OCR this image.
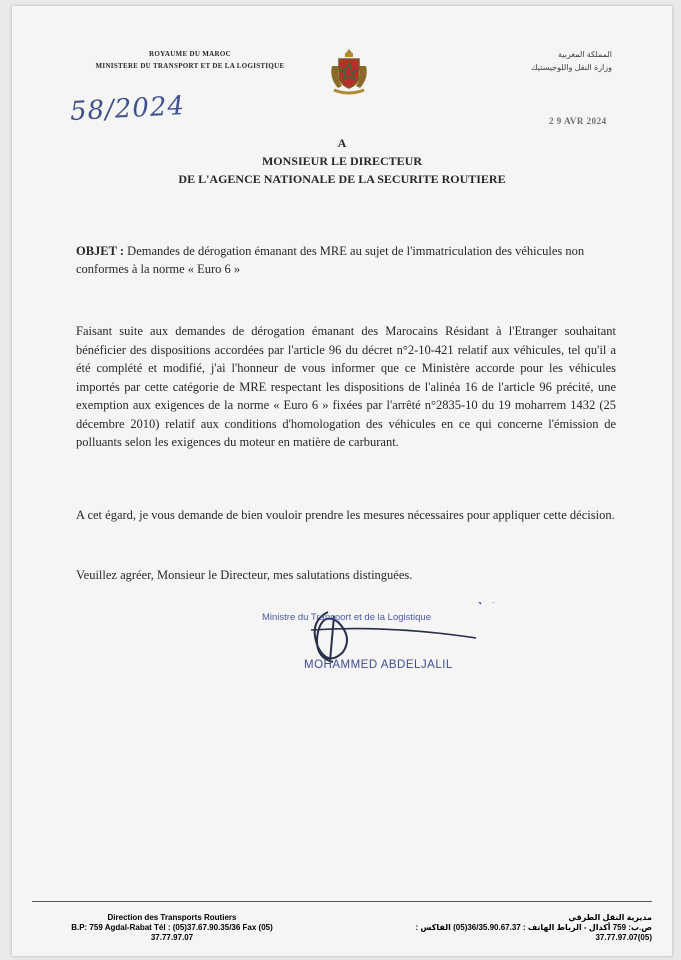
ROYAUME DU MAROC
MINISTERE DU TRANSPORT ET DE LA LOGISTIQUE
المملكة المغربية
وزارة النقل واللوجيستيك
58/2024	2 9 AVR 2024
A
MONSIEUR LE DIRECTEUR
DE L'AGENCE NATIONALE DE LA SECURITE ROUTIERE
OBJET : Demandes de dérogation émanant des MRE au sujet de l'immatriculation des véhicules non conformes à la norme « Euro 6 »
Faisant suite aux demandes de dérogation émanant des Marocains Résidant à l'Etranger souhaitant bénéficier des dispositions accordées par l'article 96 du décret n°2-10-421 relatif aux véhicules, tel qu'il a été complété et modifié, j'ai l'honneur de vous informer que ce Ministère accorde pour les véhicules importés par cette catégorie de MRE respectant les dispositions de l'alinéa 16 de l'article 96 précité, une exemption aux exigences de la norme « Euro 6 » fixées par l'arrêté n°2835-10 du 19 moharrem 1432 (25 décembre 2010) relatif aux conditions d'homologation des véhicules en ce qui concerne l'émission de polluants selon les exigences du moteur en matière de carburant.
A cet égard, je vous demande de bien vouloir prendre les mesures nécessaires pour appliquer cette décision.
Veuillez agréer, Monsieur le Directeur, mes salutations distinguées.
Ministre du Transport et de la Logistique
MOHAMMED ABDELJALIL
Direction des Transports Routiers
B.P: 759 Agdal-Rabat Tél : (05)37.67.90.35/36 Fax (05)
37.77.97.07
مديرية النقل الطرقي
ص.ب: 759 أكدال - الرباط الهاتف : 36/35.90.67.37(05) الفاكس :
(05)37.77.97.07
